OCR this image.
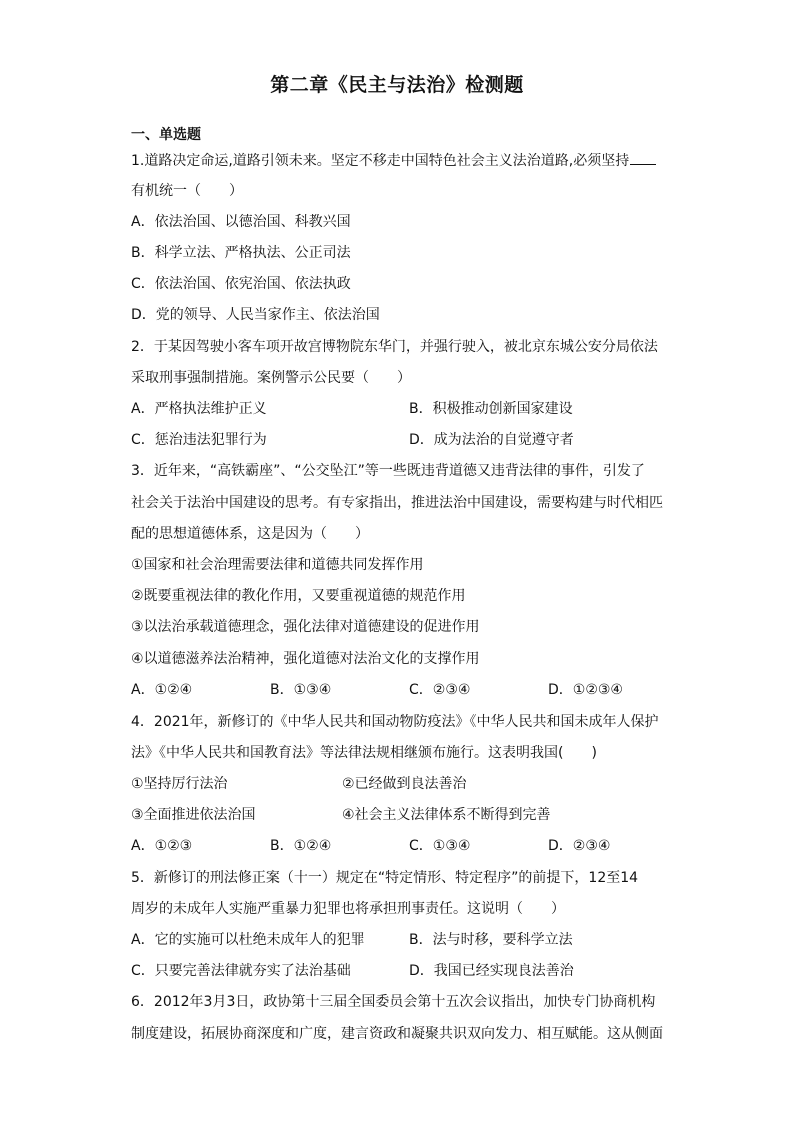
第二章《民主与法治》检测题
一、单选题
1.道路决定命运,道路引领未来。坚定不移走中国特色社会主义法治道路,必须坚持
有机统一（　　）
A．依法治国、以德治国、科教兴国
B．科学立法、严格执法、公正司法
C．依法治国、依宪治国、依法执政
D．党的领导、人民当家作主、依法治国
2．于某因驾驶小客车项开故宫博物院东华门，并强行驶入，被北京东城公安分局依法
采取刑事强制措施。案例警示公民要（　　）
A．严格执法维护正义	B．积极推动创新国家建设
C．惩治违法犯罪行为	D．成为法治的自觉遵守者
3．近年来，“高铁霸座”、“公交坠江”等一些既违背道德又违背法律的事件，引发了
社会关于法治中国建设的思考。有专家指出，推进法治中国建设，需要构建与时代相匹
配的思想道德体系，这是因为（　　）
①国家和社会治理需要法律和道德共同发挥作用
②既要重视法律的教化作用，又要重视道德的规范作用
③以法治承载道德理念，强化法律对道德建设的促进作用
④以道德滋养法治精神，强化道德对法治文化的支撑作用
A．①②④	B．①③④	C．②③④	D．①②③④
4．2021年，新修订的《中华人民共和国动物防疫法》《中华人民共和国未成年人保护
法》《中华人民共和国教育法》等法律法规相继颁布施行。这表明我国(　　)
①坚持厉行法治	②已经做到良法善治
③全面推进依法治国	④社会主义法律体系不断得到完善
A．①②③	B．①②④	C．①③④	D．②③④
5．新修订的刑法修正案（十一）规定在“特定情形、特定程序”的前提下，12至14
周岁的未成年人实施严重暴力犯罪也将承担刑事责任。这说明（　　）
A．它的实施可以杜绝未成年人的犯罪	B．法与时移，要科学立法
C．只要完善法律就夯实了法治基础	D．我国已经实现良法善治
6．2012年3月3日，政协第十三届全国委员会第十五次会议指出，加快专门协商机构
制度建设，拓展协商深度和广度，建言资政和凝聚共识双向发力、相互赋能。这从侧面
